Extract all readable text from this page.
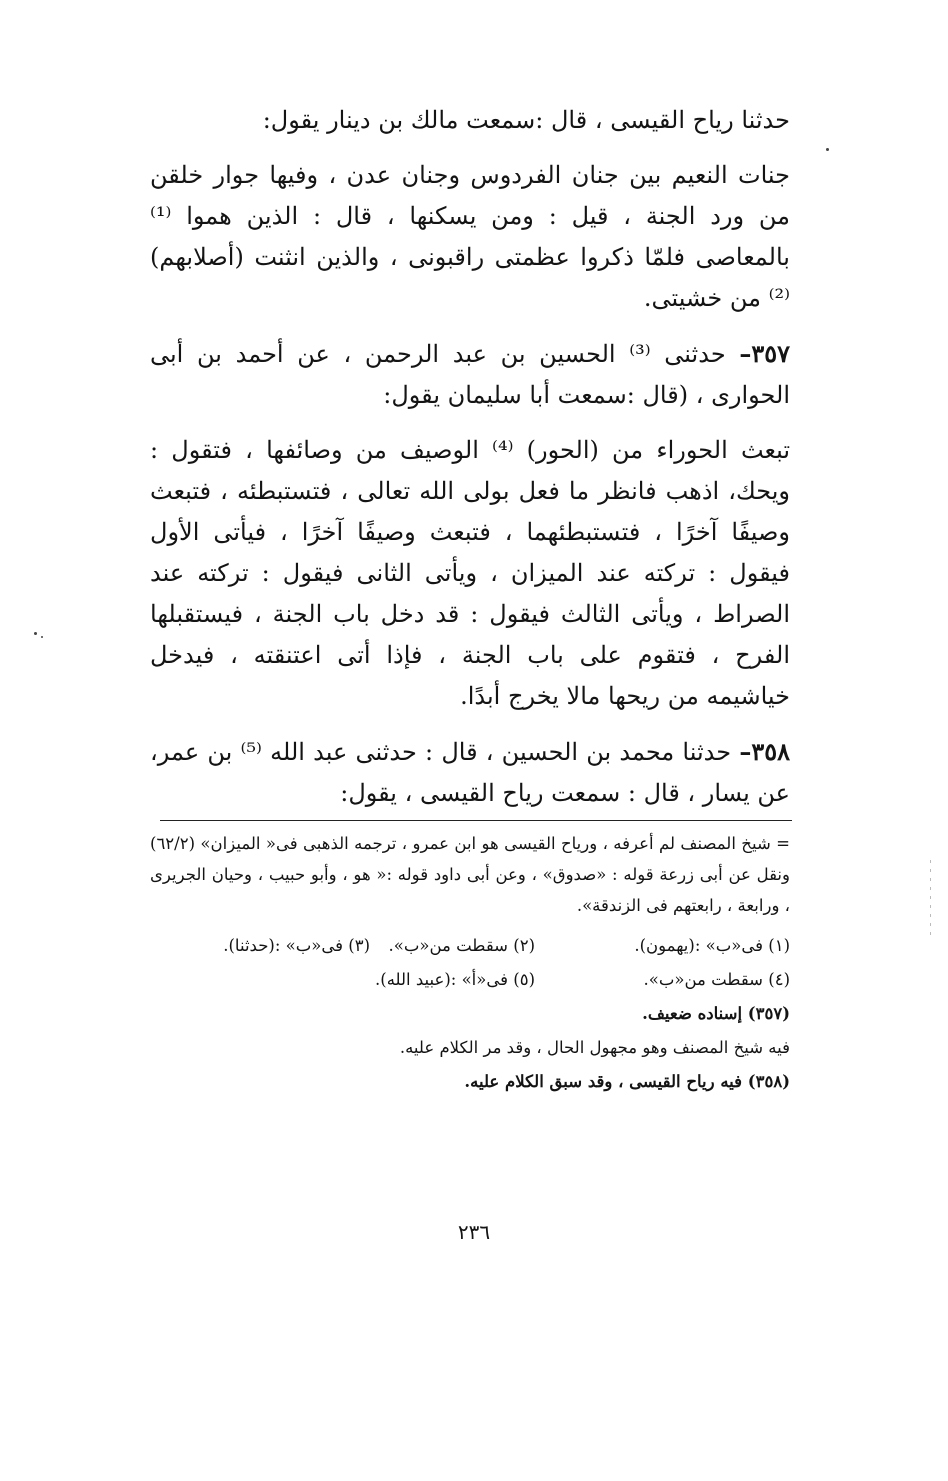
حدثنا رياح القيسى ، قال :سمعت مالك بن دينار يقول:

جنات النعيم بين جنان الفردوس وجنان عدن ، وفيها جوار خلقن من ورد الجنة ، قيل : ومن يسكنها ، قال : الذين هموا ⁽¹⁾ بالمعاصى فلمّا ذكروا عظمتى راقبونى ، والذين انثنت (أصلابهم) ⁽²⁾ من خشيتى.

٣٥٧– حدثنى ⁽³⁾ الحسين بن عبد الرحمن ، عن أحمد بن أبى الحوارى ، (قال :سمعت أبا سليمان يقول:

تبعث الحوراء من (الحور) ⁽⁴⁾ الوصيف من وصائفها ، فتقول : ويحك، اذهب فانظر ما فعل بولى الله تعالى ، فتستبطئه ، فتبعث وصيفًا آخرًا ، فتستبطئهما ، فتبعث وصيفًا آخرًا ، فيأتى الأول فيقول : تركته عند الميزان ، ويأتى الثانى فيقول : تركته عند الصراط ، ويأتى الثالث فيقول : قد دخل باب الجنة ، فيستقبلها الفرح ، فتقوم على باب الجنة ، فإذا أتى اعتنقته ، فيدخل خياشيمه من ريحها مالا يخرج أبدًا.

٣٥٨– حدثنا محمد بن الحسين ، قال : حدثنى عبد الله ⁽⁵⁾ بن عمر، عن يسار ، قال : سمعت رياح القيسى ، يقول:

= شيخ المصنف لم أعرفه ، ورياح القيسى هو ابن عمرو ، ترجمه الذهبى فى« الميزان» (٦٢/٢) ونقل عن أبى زرعة قوله : «صدوق» ، وعن أبى داود قوله :« هو ، وأبو حبيب ، وحيان الجريرى ، ورابعة ، رابعتهم فى الزندقة».

(١) فى«ب» :(يهمون).
(٢) سقطت من«ب».
(٣) فى«ب» :(حدثنا).
(٤) سقطت من«ب».
(٥) فى«أ» :(عبيد الله).

(٣٥٧) إسناده ضعيف.

فيه شيخ المصنف وهو مجهول الحال ، وقد مر الكلام عليه.

(٣٥٨) فيه رياح القيسى ، وقد سبق الكلام عليه.

٢٣٦
